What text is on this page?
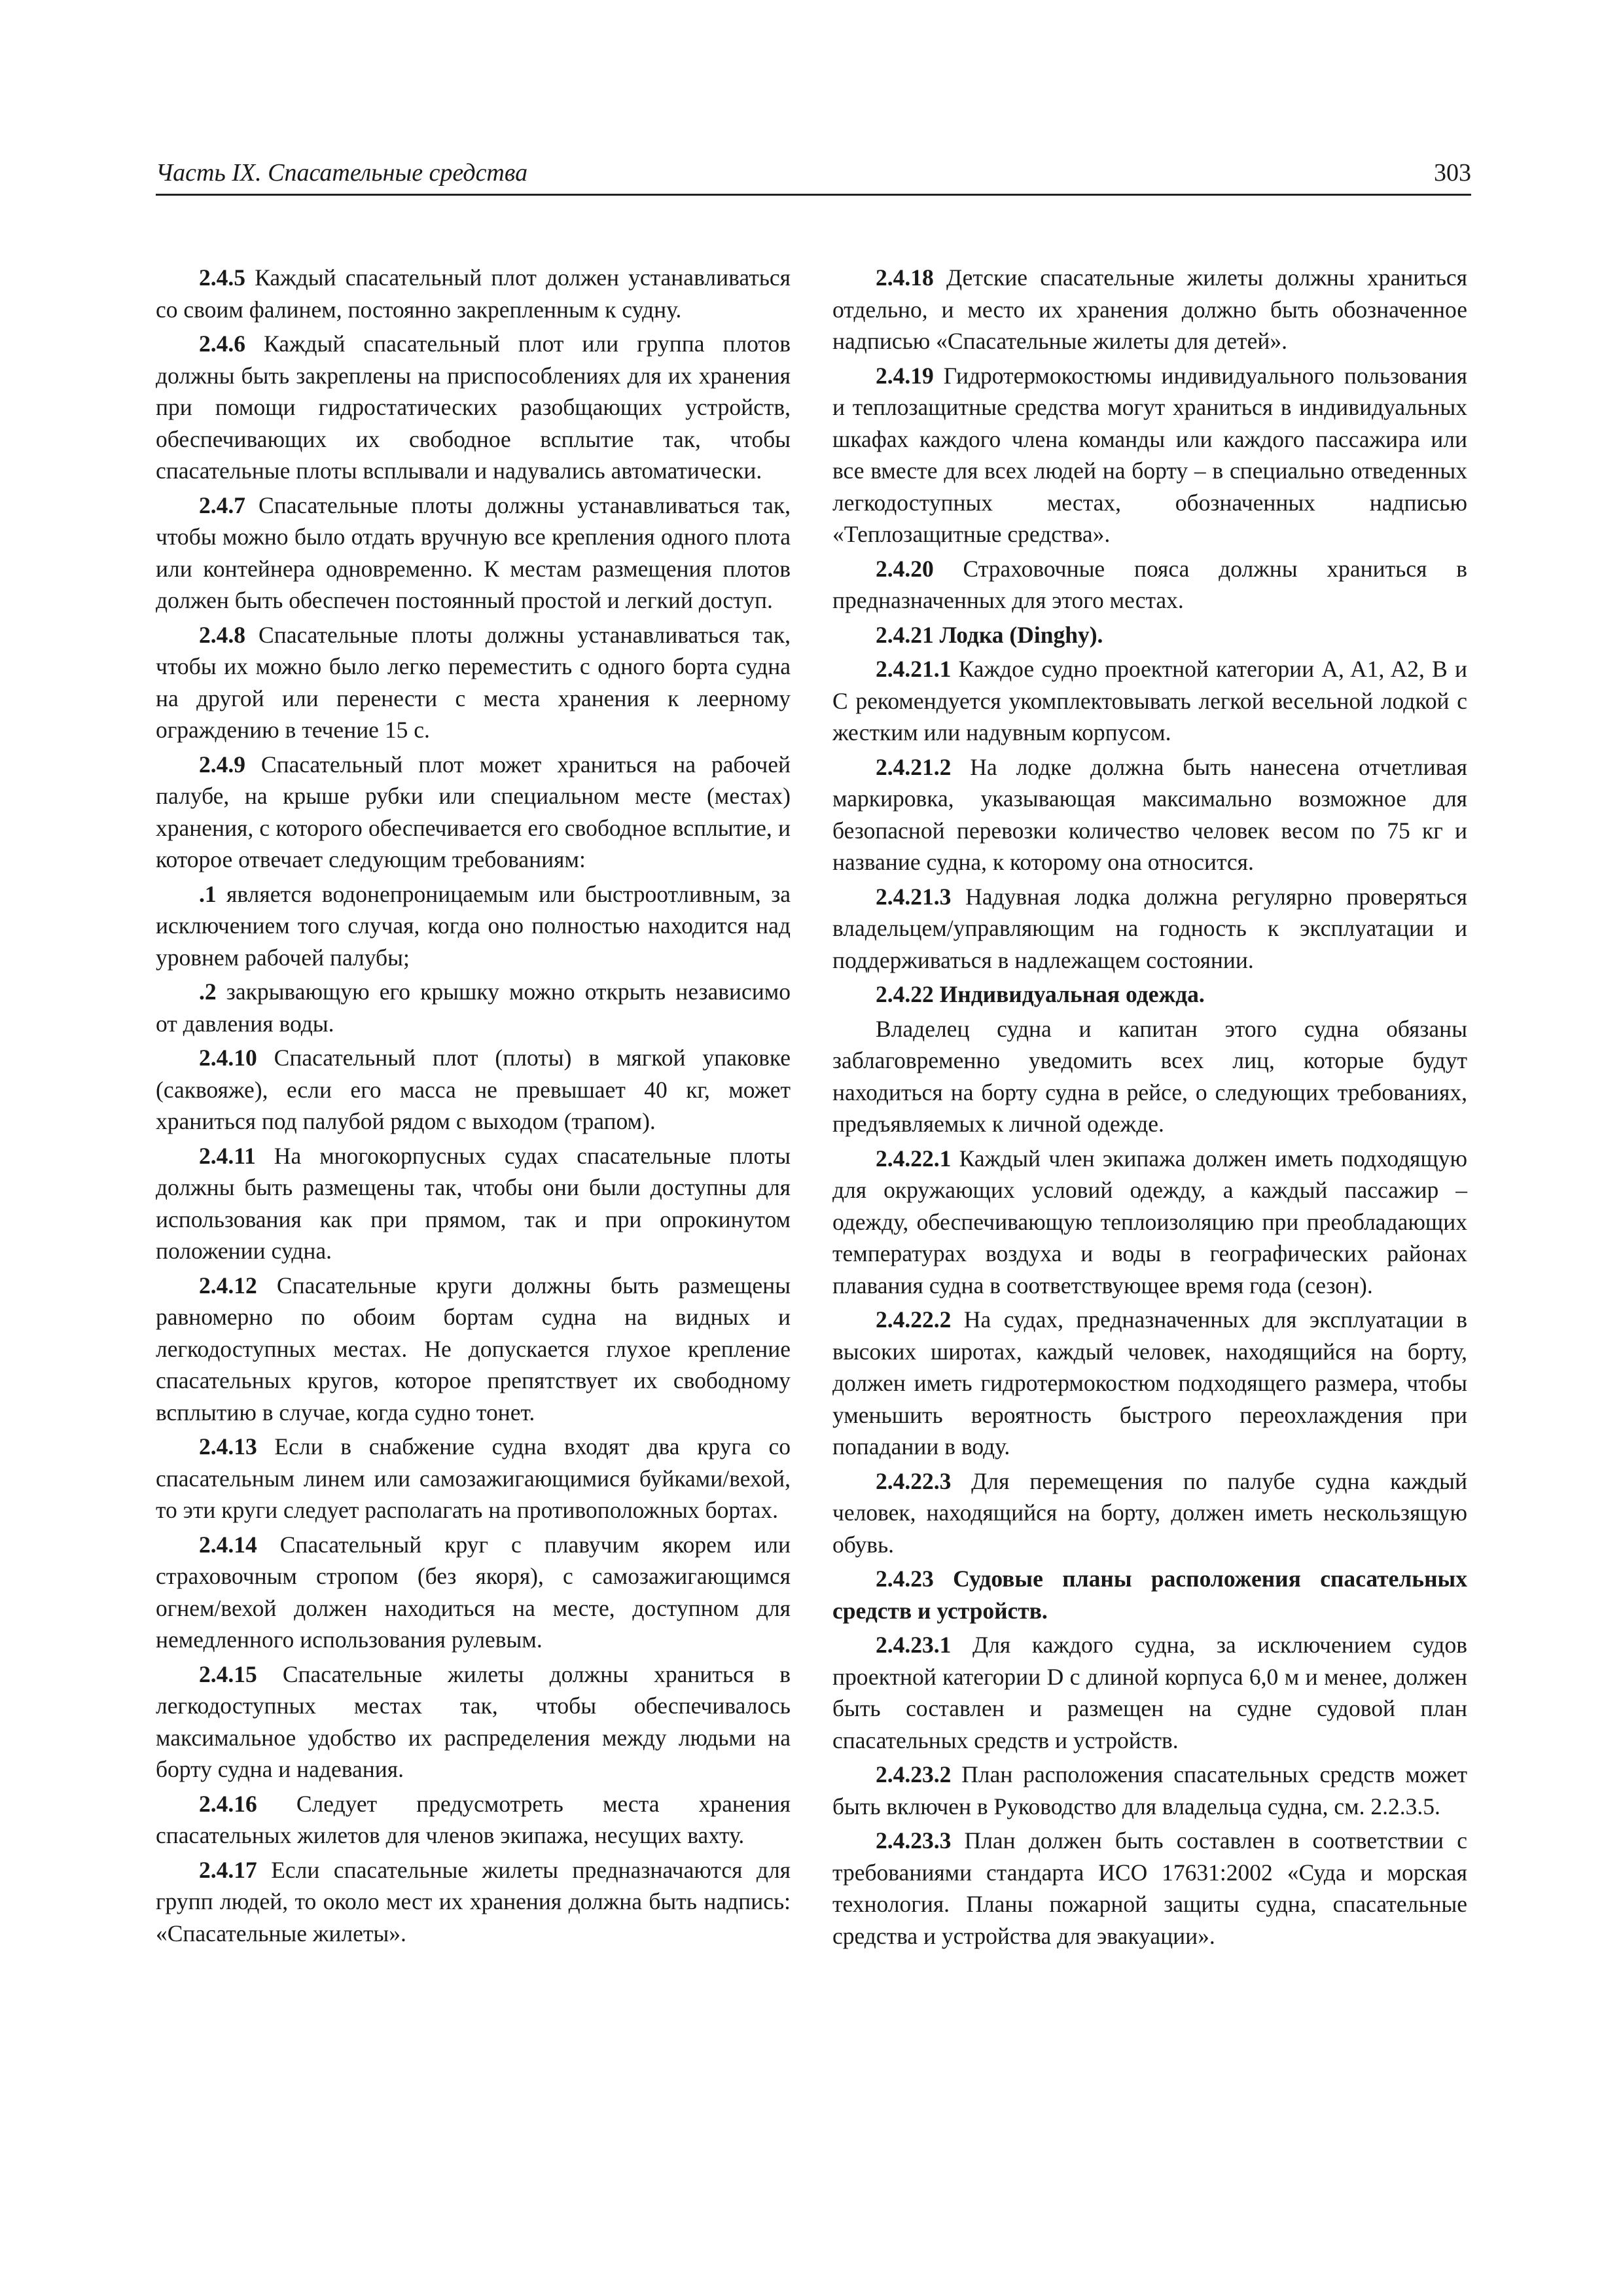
Часть IX. Спасательные средства	303

2.4.5 Каждый спасательный плот должен устанавливаться со своим фалинем, постоянно закрепленным к судну.

2.4.6 Каждый спасательный плот или группа плотов должны быть закреплены на приспособлениях для их хранения при помощи гидростатических разобщающих устройств, обеспечивающих их свободное всплытие так, чтобы спасательные плоты всплывали и надувались автоматически.

2.4.7 Спасательные плоты должны устанавливаться так, чтобы можно было отдать вручную все крепления одного плота или контейнера одновременно. К местам размещения плотов должен быть обеспечен постоянный простой и легкий доступ.

2.4.8 Спасательные плоты должны устанавливаться так, чтобы их можно было легко переместить с одного борта судна на другой или перенести с места хранения к леерному ограждению в течение 15 с.

2.4.9 Спасательный плот может храниться на рабочей палубе, на крыше рубки или специальном месте (местах) хранения, с которого обеспечивается его свободное всплытие, и которое отвечает следующим требованиям:

.1 является водонепроницаемым или быстроотливным, за исключением того случая, когда оно полностью находится над уровнем рабочей палубы;

.2 закрывающую его крышку можно открыть независимо от давления воды.

2.4.10 Спасательный плот (плоты) в мягкой упаковке (саквояже), если его масса не превышает 40 кг, может храниться под палубой рядом с выходом (трапом).

2.4.11 На многокорпусных судах спасательные плоты должны быть размещены так, чтобы они были доступны для использования как при прямом, так и при опрокинутом положении судна.

2.4.12 Спасательные круги должны быть размещены равномерно по обоим бортам судна на видных и легкодоступных местах. Не допускается глухое крепление спасательных кругов, которое препятствует их свободному всплытию в случае, когда судно тонет.

2.4.13 Если в снабжение судна входят два круга со спасательным линем или самозажигающимися буйками/вехой, то эти круги следует располагать на противоположных бортах.

2.4.14 Спасательный круг с плавучим якорем или страховочным стропом (без якоря), с самозажигающимся огнем/вехой должен находиться на месте, доступном для немедленного использования рулевым.

2.4.15 Спасательные жилеты должны храниться в легкодоступных местах так, чтобы обеспечивалось максимальное удобство их распределения между людьми на борту судна и надевания.

2.4.16 Следует предусмотреть места хранения спасательных жилетов для членов экипажа, несущих вахту.

2.4.17 Если спасательные жилеты предназначаются для групп людей, то около мест их хранения должна быть надпись: «Спасательные жилеты».

2.4.18 Детские спасательные жилеты должны храниться отдельно, и место их хранения должно быть обозначенное надписью «Спасательные жилеты для детей».

2.4.19 Гидротермокостюмы индивидуального пользования и теплозащитные средства могут храниться в индивидуальных шкафах каждого члена команды или каждого пассажира или все вместе для всех людей на борту – в специально отведенных легкодоступных местах, обозначенных надписью «Теплозащитные средства».

2.4.20 Страховочные пояса должны храниться в предназначенных для этого местах.

2.4.21 Лодка (Dinghy).

2.4.21.1 Каждое судно проектной категории A, A1, A2, B и C рекомендуется укомплектовывать легкой весельной лодкой с жестким или надувным корпусом.

2.4.21.2 На лодке должна быть нанесена отчетливая маркировка, указывающая максимально возможное для безопасной перевозки количество человек весом по 75 кг и название судна, к которому она относится.

2.4.21.3 Надувная лодка должна регулярно проверяться владельцем/управляющим на годность к эксплуатации и поддерживаться в надлежащем состоянии.

2.4.22 Индивидуальная одежда.

Владелец судна и капитан этого судна обязаны заблаговременно уведомить всех лиц, которые будут находиться на борту судна в рейсе, о следующих требованиях, предъявляемых к личной одежде.

2.4.22.1 Каждый член экипажа должен иметь подходящую для окружающих условий одежду, а каждый пассажир – одежду, обеспечивающую теплоизоляцию при преобладающих температурах воздуха и воды в географических районах плавания судна в соответствующее время года (сезон).

2.4.22.2 На судах, предназначенных для эксплуатации в высоких широтах, каждый человек, находящийся на борту, должен иметь гидротермокостюм подходящего размера, чтобы уменьшить вероятность быстрого переохлаждения при попадании в воду.

2.4.22.3 Для перемещения по палубе судна каждый человек, находящийся на борту, должен иметь нескользящую обувь.

2.4.23 Судовые планы расположения спасательных средств и устройств.

2.4.23.1 Для каждого судна, за исключением судов проектной категории D с длиной корпуса 6,0 м и менее, должен быть составлен и размещен на судне судовой план спасательных средств и устройств.

2.4.23.2 План расположения спасательных средств может быть включен в Руководство для владельца судна, см. 2.2.3.5.

2.4.23.3 План должен быть составлен в соответствии с требованиями стандарта ИСО 17631:2002 «Суда и морская технология. Планы пожарной защиты судна, спасательные средства и устройства для эвакуации».
